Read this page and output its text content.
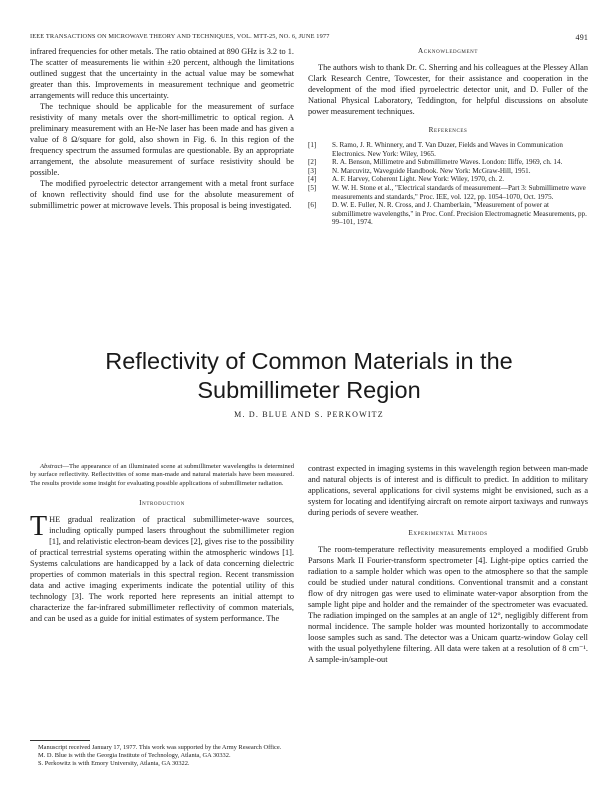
IEEE TRANSACTIONS ON MICROWAVE THEORY AND TECHNIQUES, VOL. MTT-25, NO. 6, JUNE 1977	491

infrared frequencies for other metals. The ratio obtained at 890 GHz is 3.2 to 1. The scatter of measurements lie within ±20 percent, although the limitations outlined suggest that the uncertainty in the actual value may be somewhat greater than this. Improvements in measurement technique and geometric arrangements will reduce this uncertainty.

The technique should be applicable for the measurement of surface resistivity of many metals over the short-millimetric to optical region. A preliminary measurement with an He-Ne laser has been made and has given a value of 8 Ω/square for gold, also shown in Fig. 6. In this region of the frequency spectrum the assumed formulas are questionable. By an appropriate arrangement, the absolute measurement of surface resistivity should be possible.

The modified pyroelectric detector arrangement with a metal front surface of known reflectivity should find use for the absolute measurement of submillimetric power at microwave levels. This proposal is being investigated.

Acknowledgment

The authors wish to thank Dr. C. Sherring and his colleagues at the Plessey Allan Clark Research Centre, Towcester, for their assistance and cooperation in the development of the mod ified pyroelectric detector unit, and D. Fuller of the National Physical Laboratory, Teddington, for helpful discussions on absolute power measurement techniques.

References
[1] S. Ramo, J. R. Whinnery, and T. Van Duzer, Fields and Waves in Communication Electronics. New York: Wiley, 1965.
[2] R. A. Benson, Millimetre and Submillimetre Waves. London: Iliffe, 1969, ch. 14.
[3] N. Marcuvitz, Waveguide Handbook. New York: McGraw-Hill, 1951.
[4] A. F. Harvey, Coherent Light. New York: Wiley, 1970, ch. 2.
[5] W. W. H. Stone et al., "Electrical standards of measurement—Part 3: Submillimetre wave measurements and standards," Proc. IEE, vol. 122, pp. 1054–1070, Oct. 1975.
[6] D. W. E. Fuller, N. R. Cross, and J. Chamberlain, "Measurement of power at submillimetre wavelengths," in Proc. Conf. Precision Electromagnetic Measurements, pp. 99–101, 1974.
Reflectivity of Common Materials in the
Submillimeter Region
M. D. BLUE AND S. PERKOWITZ

Abstract—The appearance of an illuminated scene at submillimeter wavelengths is determined by surface reflectivity. Reflectivities of some man-made and natural materials have been measured. The results provide some insight for evaluating possible applications of submillimeter radiation.

Introduction

THE gradual realization of practical submillimeter-wave sources, including optically pumped lasers throughout the submillimeter region [1], and relativistic electron-beam devices [2], gives rise to the possibility of practical terrestrial systems operating within the atmospheric windows [1]. Systems calculations are handicapped by a lack of data concerning dielectric properties of common materials in this spectral region. Recent transmission data and active imaging experiments indicate the potential utility of this technology [3]. The work reported here represents an initial attempt to characterize the far-infrared submillimeter reflectivity of common materials, and can be used as a guide for initial estimates of system performance. The

contrast expected in imaging systems in this wavelength region between man-made and natural objects is of interest and is difficult to predict. In addition to military applications, several applications for civil systems might be envisioned, such as a system for locating and identifying aircraft on remote airport taxiways and runways during periods of severe weather.

Experimental Methods

The room-temperature reflectivity measurements employed a modified Grubb Parsons Mark II Fourier-transform spectrometer [4]. Light-pipe optics carried the radiation to a sample holder which was open to the atmosphere so that the sample could be studied under natural conditions. Conventional transmit and a constant flow of dry nitrogen gas were used to eliminate water-vapor absorption from the sample light pipe and holder and the remainder of the spectrometer was evacuated. The radiation impinged on the samples at an angle of 12°, negligibly different from normal incidence. The sample holder was mounted horizontally to accommodate loose samples such as sand. The detector was a Unicam quartz-window Golay cell with the usual polyethylene filtering. All data were taken at a resolution of 8 cm⁻¹. A sample-in/sample-out

Manuscript received January 17, 1977. This work was supported by the Army Research Office.

M. D. Blue is with the Georgia Institute of Technology, Atlanta, GA 30332.

S. Perkowitz is with Emory University, Atlanta, GA 30322.
